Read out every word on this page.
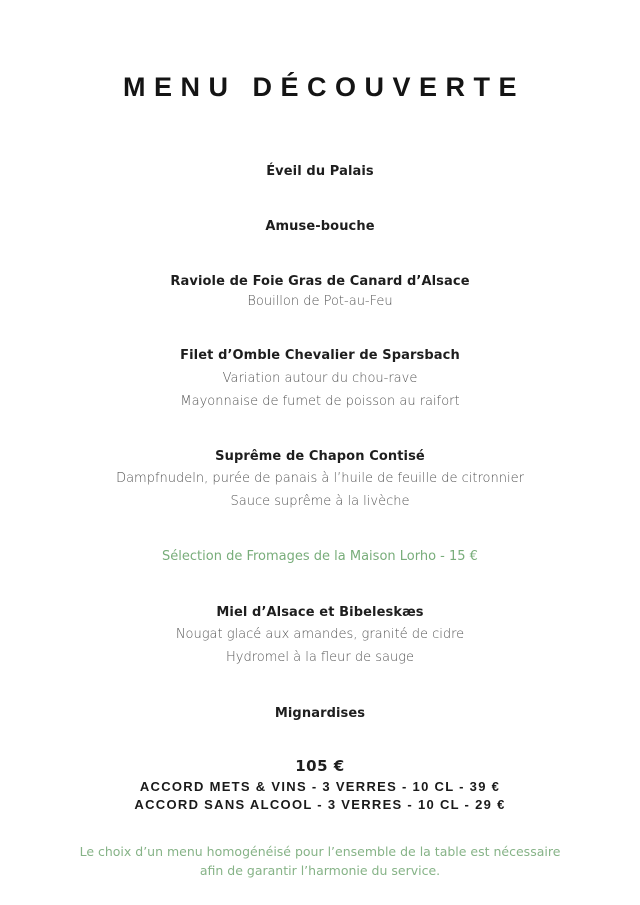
MENU DÉCOUVERTE
Éveil du Palais
Amuse-bouche
Raviole de Foie Gras de Canard d’Alsace
Bouillon de Pot-au-Feu
Filet d’Omble Chevalier de Sparsbach
Variation autour du chou-rave
Mayonnaise de fumet de poisson au raifort
Suprême de Chapon Contisé
Dampfnudeln, purée de panais à l’huile de feuille de citronnier
Sauce suprême à la livèche
Sélection de Fromages de la Maison Lorho - 15 €
Miel d’Alsace et Bibeleskæs
Nougat glacé aux amandes, granité de cidre
Hydromel à la fleur de sauge
Mignardises
105 €
ACCORD METS & VINS - 3 VERRES - 10 CL - 39 €
ACCORD SANS ALCOOL - 3 VERRES - 10 CL - 29 €
Le choix d’un menu homogénéisé pour l’ensemble de la table est nécessaire
afin de garantir l’harmonie du service.
